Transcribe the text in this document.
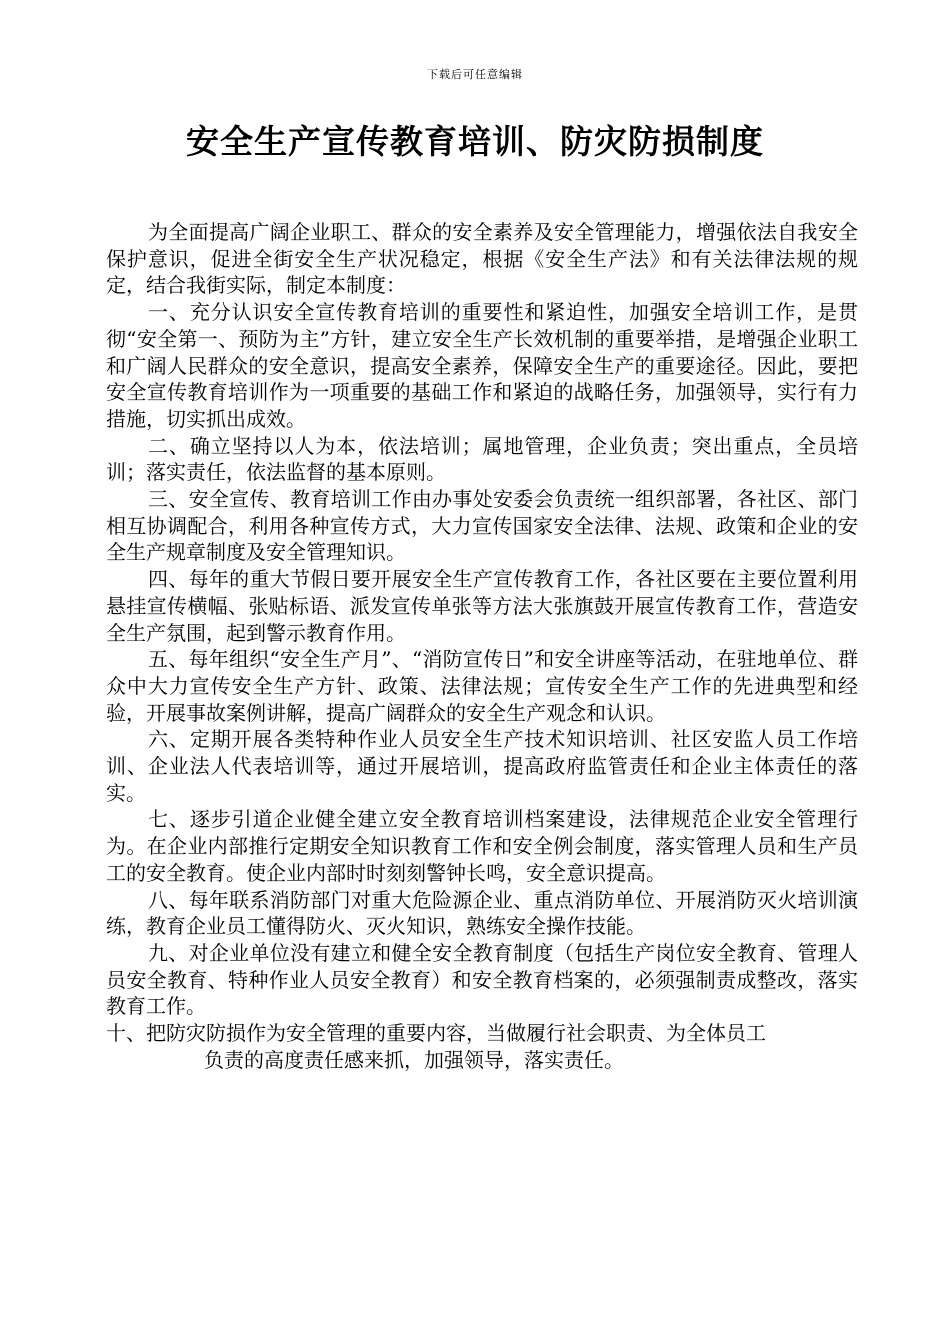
下载后可任意编辑
安全生产宣传教育培训、防灾防损制度

为全面提高广阔企业职工、群众的安全素养及安全管理能力，增强依法自我安全保护意识，促进全街安全生产状况稳定，根据《安全生产法》和有关法律法规的规定，结合我街实际，制定本制度：

一、充分认识安全宣传教育培训的重要性和紧迫性，加强安全培训工作，是贯彻“安全第一、预防为主”方针，建立安全生产长效机制的重要举措，是增强企业职工和广阔人民群众的安全意识，提高安全素养，保障安全生产的重要途径。因此，要把安全宣传教育培训作为一项重要的基础工作和紧迫的战略任务，加强领导，实行有力措施，切实抓出成效。

二、确立坚持以人为本，依法培训；属地管理，企业负责；突出重点，全员培训；落实责任，依法监督的基本原则。

三、安全宣传、教育培训工作由办事处安委会负责统一组织部署，各社区、部门相互协调配合，利用各种宣传方式，大力宣传国家安全法律、法规、政策和企业的安全生产规章制度及安全管理知识。

四、每年的重大节假日要开展安全生产宣传教育工作，各社区要在主要位置利用悬挂宣传横幅、张贴标语、派发宣传单张等方法大张旗鼓开展宣传教育工作，营造安全生产氛围，起到警示教育作用。

五、每年组织“安全生产月”、“消防宣传日”和安全讲座等活动，在驻地单位、群众中大力宣传安全生产方针、政策、法律法规；宣传安全生产工作的先进典型和经验，开展事故案例讲解，提高广阔群众的安全生产观念和认识。

六、定期开展各类特种作业人员安全生产技术知识培训、社区安监人员工作培训、企业法人代表培训等，通过开展培训，提高政府监管责任和企业主体责任的落实。

七、逐步引道企业健全建立安全教育培训档案建设，法律规范企业安全管理行为。在企业内部推行定期安全知识教育工作和安全例会制度，落实管理人员和生产员工的安全教育。使企业内部时时刻刻警钟长鸣，安全意识提高。

八、每年联系消防部门对重大危险源企业、重点消防单位、开展消防灭火培训演练，教育企业员工懂得防火、灭火知识，熟练安全操作技能。

九、对企业单位没有建立和健全安全教育制度（包括生产岗位安全教育、管理人员安全教育、特种作业人员安全教育）和安全教育档案的，必须强制责成整改，落实教育工作。

十、把防灾防损作为安全管理的重要内容，当做履行社会职责、为全体员工
负责的高度责任感来抓，加强领导，落实责任。
